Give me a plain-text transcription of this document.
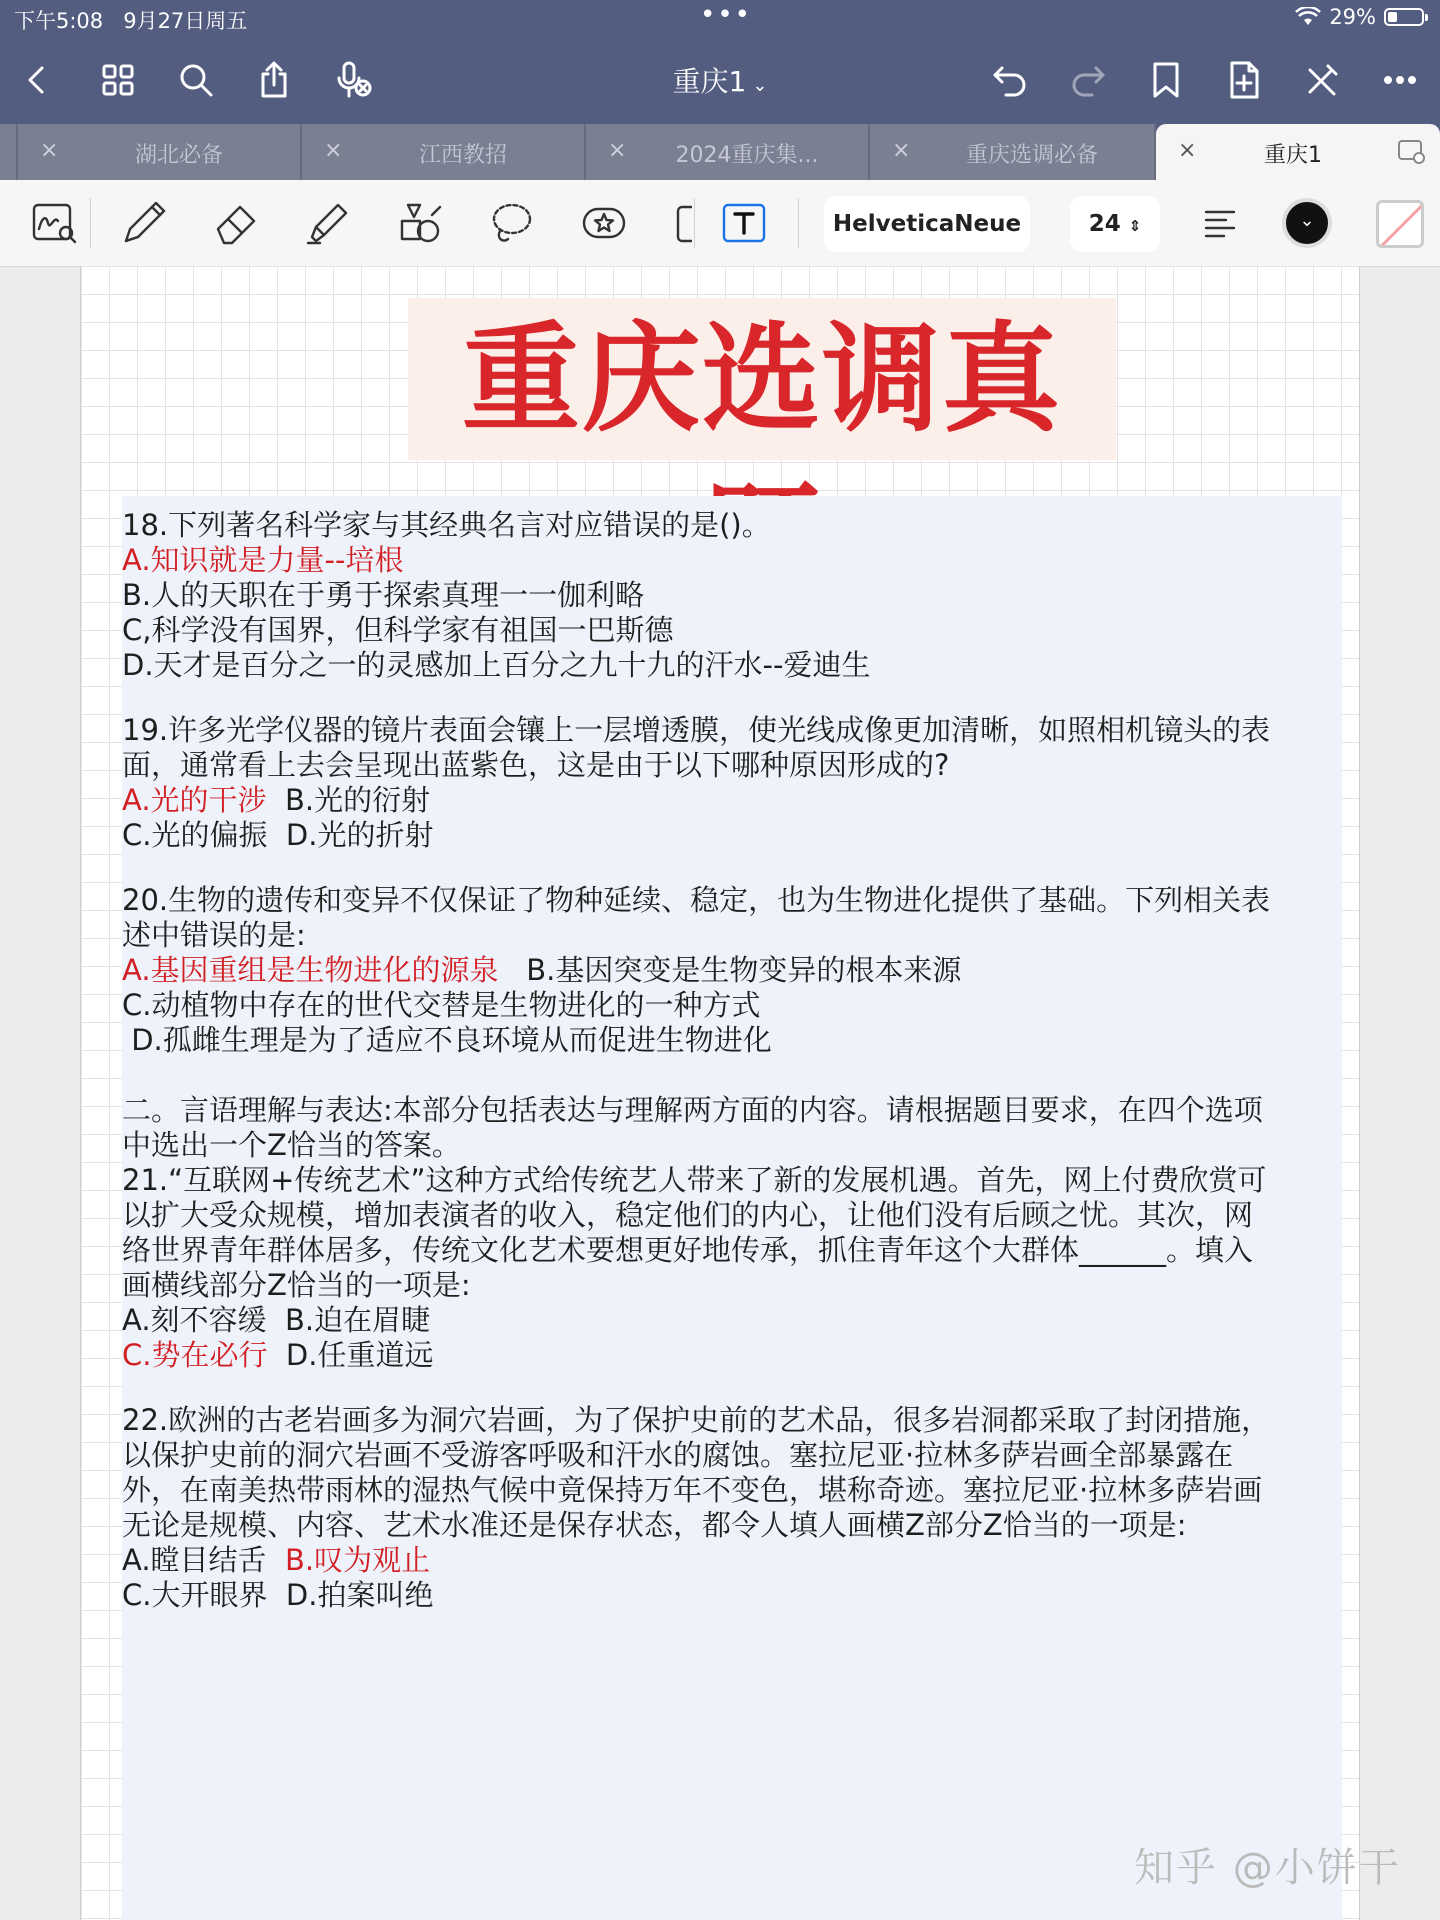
下午5:08 9月27日周五	•••	29%
重庆1 ⌄
×	湖北必备	×	江西教招	×	2024重庆集...	×	重庆选调必备	×	重庆1
HelveticaNeue	24 ⇕	⌄
重庆选调真
18.下列著名科学家与其经典名言对应错误的是()。
A.知识就是力量--培根
B.人的天职在于勇于探索真理一一伽利略
C,科学没有国界，但科学家有祖国一巴斯德
D.天才是百分之一的灵感加上百分之九十九的汗水--爱迪生
19.许多光学仪器的镜片表面会镶上一层增透膜，使光线成像更加清晰，如照相机镜头的表
面，通常看上去会呈现出蓝紫色，这是由于以下哪种原因形成的?
A.光的干涉  B.光的衍射
C.光的偏振  D.光的折射
20.生物的遗传和变异不仅保证了物种延续、稳定，也为生物进化提供了基础。下列相关表
述中错误的是:
A.基因重组是生物进化的源泉   B.基因突变是生物变异的根本来源
C.动植物中存在的世代交替是生物进化的一种方式
D.孤雌生理是为了适应不良环境从而促进生物进化
二。言语理解与表达:本部分包括表达与理解两方面的内容。请根据题目要求，在四个选项
中选出一个Z恰当的答案。
21.“互联网+传统艺术”这种方式给传统艺人带来了新的发展机遇。首先，网上付费欣赏可
以扩大受众规模，增加表演者的收入，稳定他们的内心，让他们没有后顾之忧。其次，网
络世界青年群体居多，传统文化艺术要想更好地传承，抓住青年这个大群体______。填入
画横线部分Z恰当的一项是:
A.刻不容缓  B.迫在眉睫
C.势在必行  D.任重道远
22.欧洲的古老岩画多为洞穴岩画，为了保护史前的艺术品，很多岩洞都采取了封闭措施，
以保护史前的洞穴岩画不受游客呼吸和汗水的腐蚀。塞拉尼亚·拉林多萨岩画全部暴露在
外，在南美热带雨林的湿热气候中竟保持万年不变色，堪称奇迹。塞拉尼亚·拉林多萨岩画
无论是规模、内容、艺术水准还是保存状态，都令人填人画横Z部分Z恰当的一项是:
A.瞠目结舌  B.叹为观止
C.大开眼界  D.拍案叫绝
知乎 @小饼干
